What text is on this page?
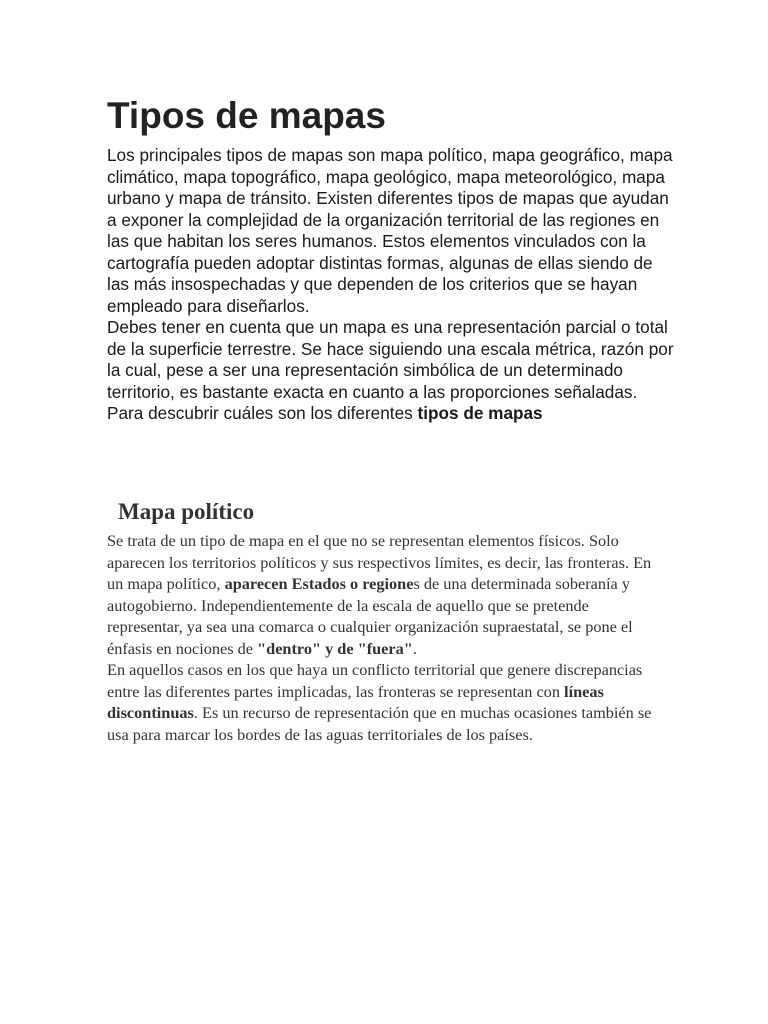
Tipos de mapas

Los principales tipos de mapas son mapa político, mapa geográfico, mapa climático, mapa topográfico, mapa geológico, mapa meteorológico, mapa urbano y mapa de tránsito. Existen diferentes tipos de mapas que ayudan a exponer la complejidad de la organización territorial de las regiones en las que habitan los seres humanos. Estos elementos vinculados con la cartografía pueden adoptar distintas formas, algunas de ellas siendo de las más insospechadas y que dependen de los criterios que se hayan empleado para diseñarlos.

Debes tener en cuenta que un mapa es una representación parcial o total de la superficie terrestre. Se hace siguiendo una escala métrica, razón por la cual, pese a ser una representación simbólica de un determinado territorio, es bastante exacta en cuanto a las proporciones señaladas. Para descubrir cuáles son los diferentes tipos de mapas

Mapa político

Se trata de un tipo de mapa en el que no se representan elementos físicos. Solo aparecen los territorios políticos y sus respectivos límites, es decir, las fronteras. En un mapa político, aparecen Estados o regiones de una determinada soberanía y autogobierno. Independientemente de la escala de aquello que se pretende representar, ya sea una comarca o cualquier organización supraestatal, se pone el énfasis en nociones de "dentro" y de "fuera".

En aquellos casos en los que haya un conflicto territorial que genere discrepancias entre las diferentes partes implicadas, las fronteras se representan con líneas discontinuas. Es un recurso de representación que en muchas ocasiones también se usa para marcar los bordes de las aguas territoriales de los países.
